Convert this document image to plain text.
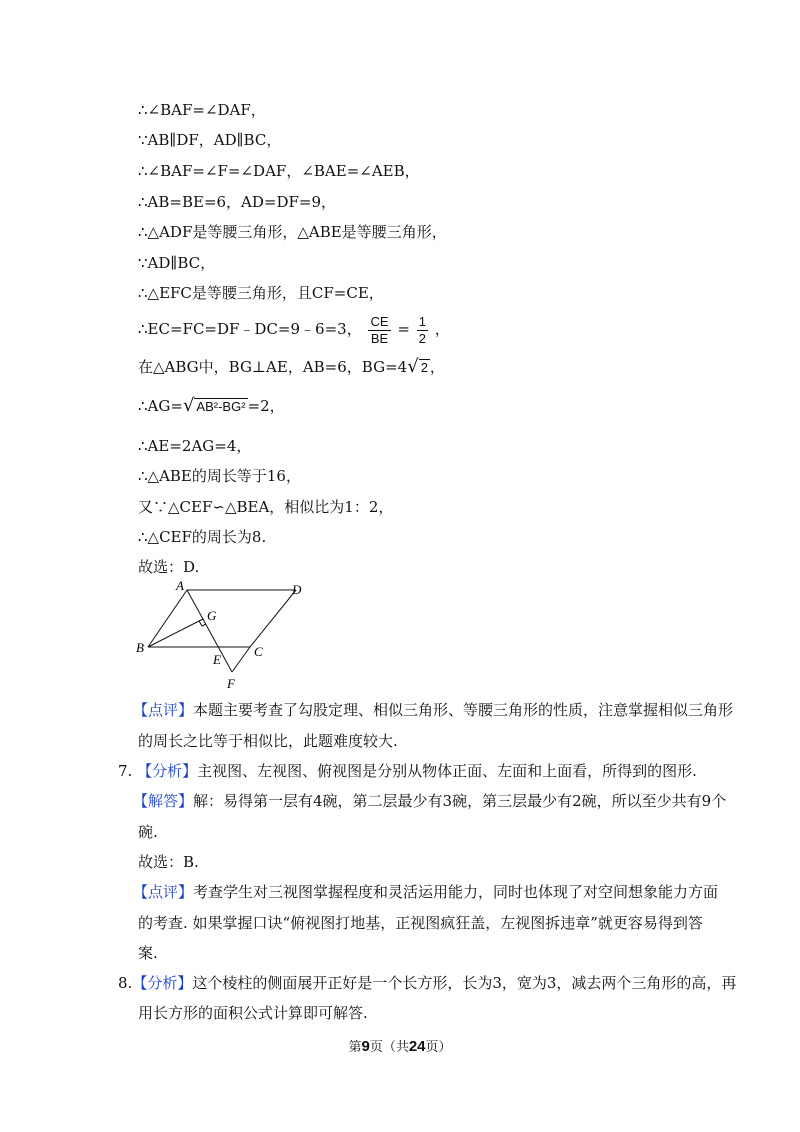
∴∠BAF=∠DAF，
∵AB∥DF，AD∥BC，
∴∠BAF=∠F=∠DAF，∠BAE=∠AEB，
∴AB=BE=6，AD=DF=9，
∴△ADF是等腰三角形，△ABE是等腰三角形，
∵AD∥BC，
∴△EFC是等腰三角形，且CF=CE，
∴EC=FC=DF﹣DC=9﹣6=3， $\frac{CE}{BE} = \frac{1}{2}$ ，
在△ABG中，BG⊥AE，AB=6，BG=4√ 2 ，
∴AG=√ AB²-BG² =2，
∴AE=2AG=4，
∴△ABE的周长等于16，
又∵△CEF∽△BEA，相似比为1：2，
∴△CEF的周长为8.
故选：D.
A	D
G
B
E
C
F
【点评】本题主要考查了勾股定理、相似三角形、等腰三角形的性质，注意掌握相似三角形
的周长之比等于相似比，此题难度较大.
7. 【分析】主视图、左视图、俯视图是分别从物体正面、左面和上面看，所得到的图形.
【解答】解：易得第一层有4碗，第二层最少有3碗，第三层最少有2碗，所以至少共有9个
碗.
故选：B.
【点评】考查学生对三视图掌握程度和灵活运用能力，同时也体现了对空间想象能力方面
的考查. 如果掌握口诀“俯视图打地基，正视图疯狂盖，左视图拆违章”就更容易得到答
案.
8.【分析】这个棱柱的侧面展开正好是一个长方形，长为3，宽为3，减去两个三角形的高，再
用长方形的面积公式计算即可解答.
第9页（共24页）
